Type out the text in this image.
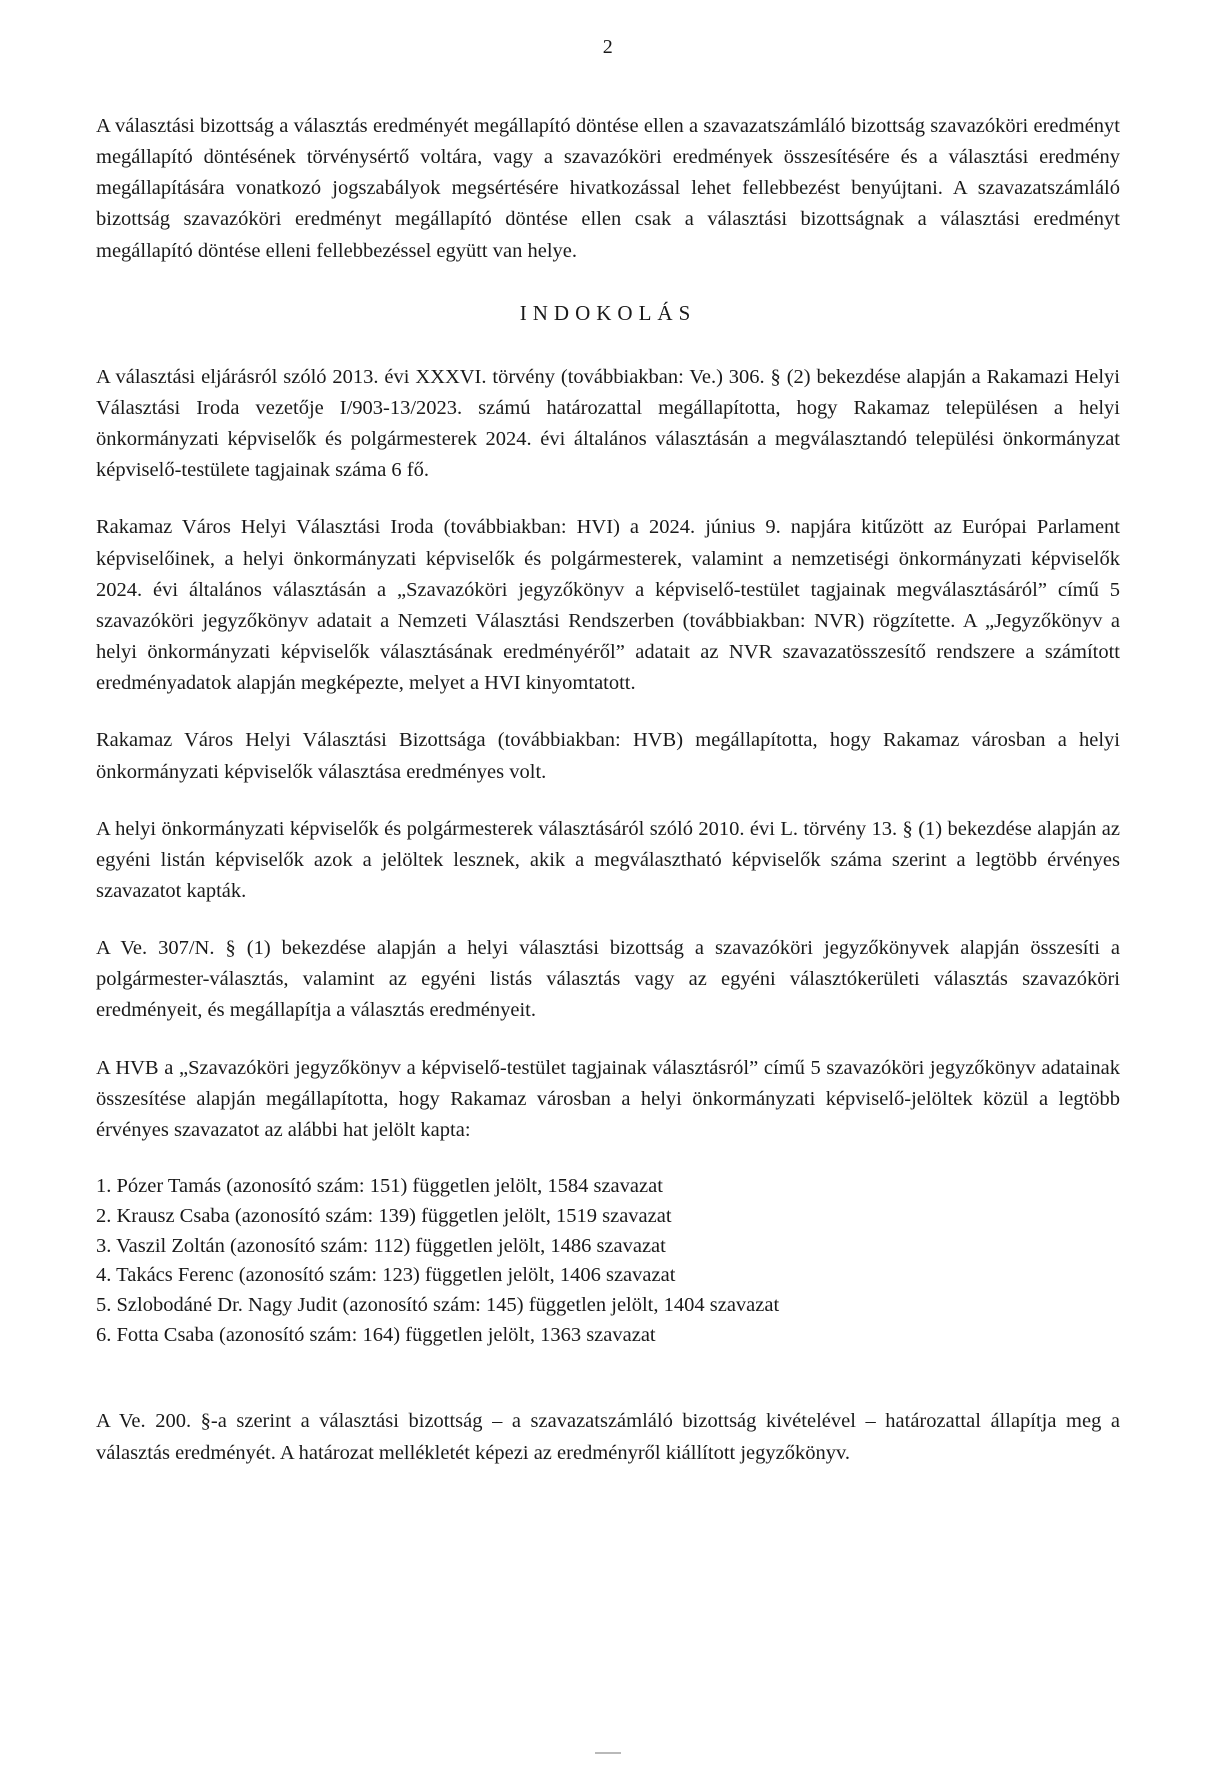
2

A választási bizottság a választás eredményét megállapító döntése ellen a szavazatszámláló bizottság szavazóköri eredményt megállapító döntésének törvénysértő voltára, vagy a szavazóköri eredmények összesítésére és a választási eredmény megállapítására vonatkozó jogszabályok megsértésére hivatkozással lehet fellebbezést benyújtani. A szavazatszámláló bizottság szavazóköri eredményt megállapító döntése ellen csak a választási bizottságnak a választási eredményt megállapító döntése elleni fellebbezéssel együtt van helye.

INDOKOLÁS

A választási eljárásról szóló 2013. évi XXXVI. törvény (továbbiakban: Ve.) 306. § (2) bekezdése alapján a Rakamazi Helyi Választási Iroda vezetője I/903-13/2023. számú határozattal megállapította, hogy Rakamaz településen a helyi önkormányzati képviselők és polgármesterek 2024. évi általános választásán a megválasztandó települési önkormányzat képviselő-testülete tagjainak száma 6 fő.

Rakamaz Város Helyi Választási Iroda (továbbiakban: HVI) a 2024. június 9. napjára kitűzött az Európai Parlament képviselőinek, a helyi önkormányzati képviselők és polgármesterek, valamint a nemzetiségi önkormányzati képviselők 2024. évi általános választásán a „Szavazóköri jegyzőkönyv a képviselő-testület tagjainak megválasztásáról” című 5 szavazóköri jegyzőkönyv adatait a Nemzeti Választási Rendszerben (továbbiakban: NVR) rögzítette. A „Jegyzőkönyv a helyi önkormányzati képviselők választásának eredményéről” adatait az NVR szavazatösszesítő rendszere a számított eredményadatok alapján megképezte, melyet a HVI kinyomtatott.

Rakamaz Város Helyi Választási Bizottsága (továbbiakban: HVB) megállapította, hogy Rakamaz városban a helyi önkormányzati képviselők választása eredményes volt.

A helyi önkormányzati képviselők és polgármesterek választásáról szóló 2010. évi L. törvény 13. § (1) bekezdése alapján az egyéni listán képviselők azok a jelöltek lesznek, akik a megválasztható képviselők száma szerint a legtöbb érvényes szavazatot kapták.

A Ve. 307/N. § (1) bekezdése alapján a helyi választási bizottság a szavazóköri jegyzőkönyvek alapján összesíti a polgármester-választás, valamint az egyéni listás választás vagy az egyéni választókerületi választás szavazóköri eredményeit, és megállapítja a választás eredményeit.

A HVB a „Szavazóköri jegyzőkönyv a képviselő-testület tagjainak választásról” című 5 szavazóköri jegyzőkönyv adatainak összesítése alapján megállapította, hogy Rakamaz városban a helyi önkormányzati képviselő-jelöltek közül a legtöbb érvényes szavazatot az alábbi hat jelölt kapta:

1. Pózer Tamás (azonosító szám: 151) független jelölt, 1584 szavazat
2. Krausz Csaba (azonosító szám: 139) független jelölt, 1519 szavazat
3. Vaszil Zoltán (azonosító szám: 112) független jelölt, 1486 szavazat
4. Takács Ferenc (azonosító szám: 123) független jelölt, 1406 szavazat
5. Szlobodáné Dr. Nagy Judit (azonosító szám: 145) független jelölt, 1404 szavazat
6. Fotta Csaba (azonosító szám: 164) független jelölt, 1363 szavazat

A Ve. 200. §-a szerint a választási bizottság – a szavazatszámláló bizottság kivételével – határozattal állapítja meg a választás eredményét. A határozat mellékletét képezi az eredményről kiállított jegyzőkönyv.
